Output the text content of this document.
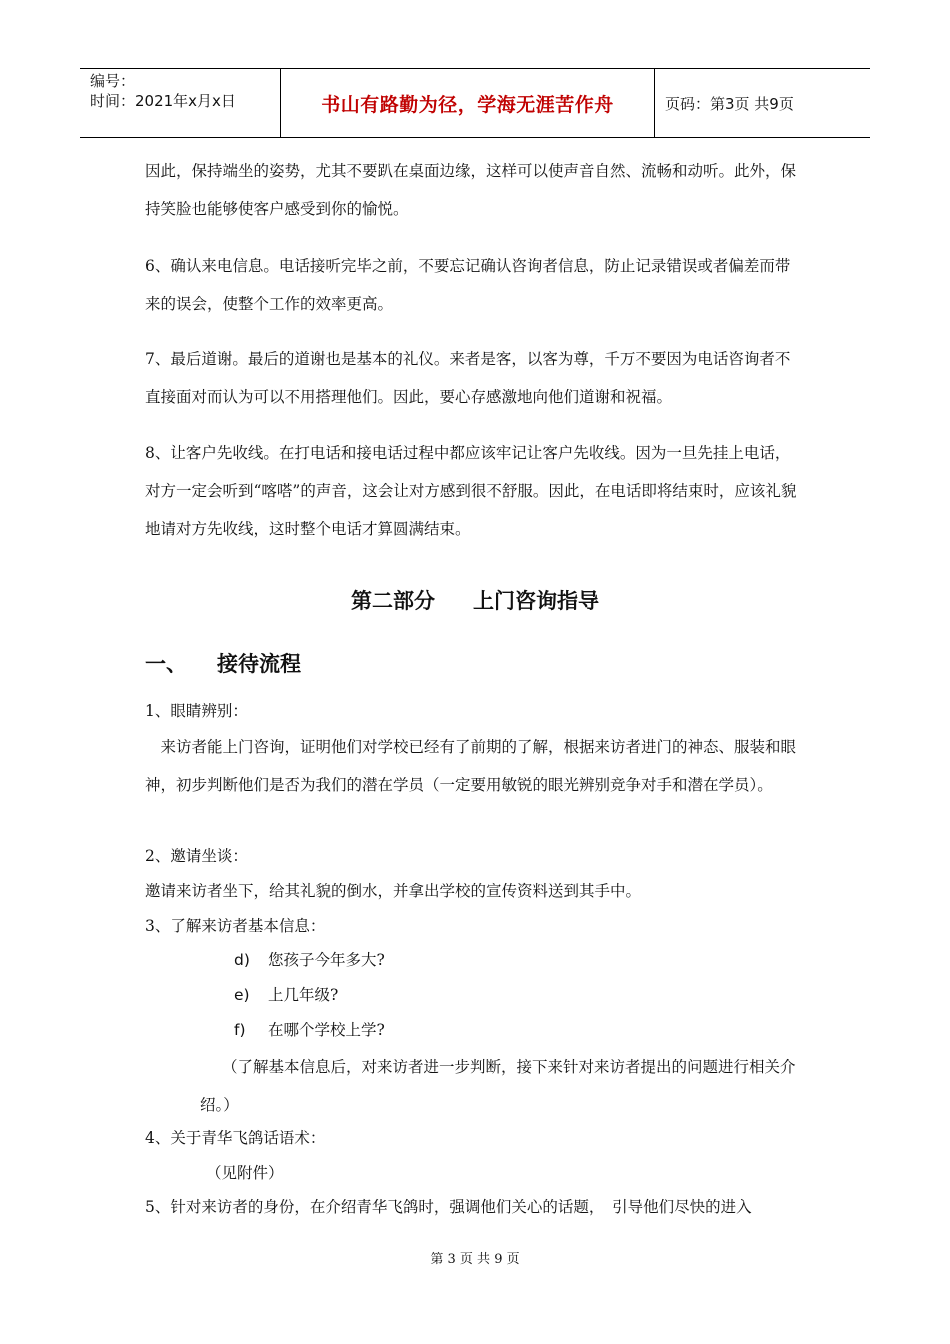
编号：
时间：2021年x月x日	书山有路勤为径，学海无涯苦作舟	页码：第3页 共9页

因此，保持端坐的姿势，尤其不要趴在桌面边缘，这样可以使声音自然、流畅和动听。此外，保持笑脸也能够使客户感受到你的愉悦。

6、确认来电信息。电话接听完毕之前，不要忘记确认咨询者信息，防止记录错误或者偏差而带来的误会，使整个工作的效率更高。

7、最后道谢。最后的道谢也是基本的礼仪。来者是客，以客为尊，千万不要因为电话咨询者不直接面对而认为可以不用搭理他们。因此，要心存感激地向他们道谢和祝福。

8、让客户先收线。在打电话和接电话过程中都应该牢记让客户先收线。因为一旦先挂上电话，对方一定会听到“喀嗒”的声音，这会让对方感到很不舒服。因此，在电话即将结束时，应该礼貌地请对方先收线，这时整个电话才算圆满结束。

第二部分 上门咨询指导
一、 接待流程
1、眼睛辨别：

　来访者能上门咨询，证明他们对学校已经有了前期的了解，根据来访者进门的神态、服装和眼神，初步判断他们是否为我们的潜在学员（一定要用敏锐的眼光辨别竞争对手和潜在学员）。

2、邀请坐谈：
邀请来访者坐下，给其礼貌的倒水，并拿出学校的宣传资料送到其手中。
3、了解来访者基本信息：
d) 您孩子今年多大?
e) 上几年级?
f) 在哪个学校上学?

（了解基本信息后，对来访者进一步判断，接下来针对来访者提出的问题进行相关介绍。）

4、关于青华飞鸽话语术：
（见附件）
5、针对来访者的身份，在介绍青华飞鸽时，强调他们关心的话题，　引导他们尽快的进入
第 3 页 共 9 页
